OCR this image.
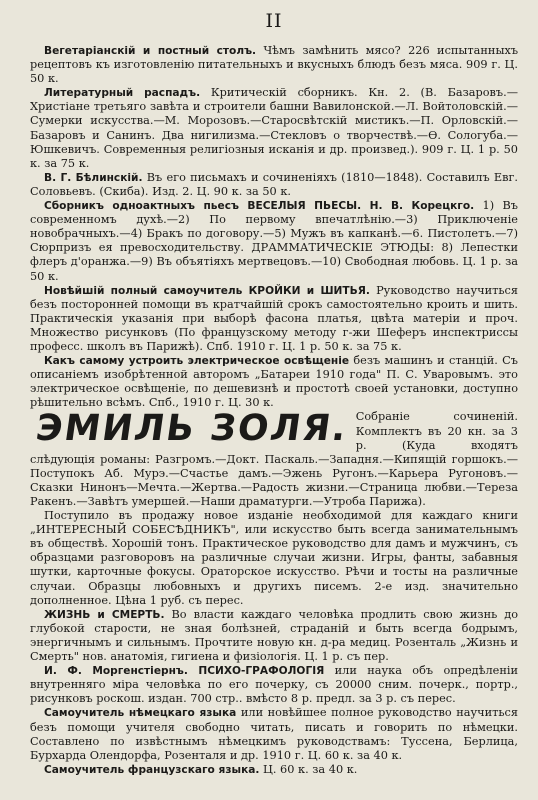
II

Вегетаріанскій и постный столъ. Чѣмъ замѣнить мясо? 226 испытанныхъ рецептовъ къ изготовленію питательныхъ и вкусныхъ блюдъ безъ мяса. 909 г. Ц. 50 к.

Литературный распадъ. Критическій сборникъ. Кн. 2. (В. Базаровъ.—Христіане третьяго завѣта и строители башни Вавилонской.—Л. Войтоловскій.—Сумерки искусства.—М. Морозовъ.—Старосвѣтскій мистикъ.—П. Орловскій.—Базаровъ и Санинъ. Два нигилизма.—Стекловъ о творчествѣ.—Ѳ. Сологуба.—Юшкевичъ. Современныя религіозныя исканія и др. произвед.). 909 г. Ц. 1 р. 50 к. за 75 к.

В. Г. Бѣлинскій. Въ его письмахъ и сочиненіяхъ (1810—1848). Составилъ Евг. Соловьевъ. (Скиба). Изд. 2. Ц. 90 к. за 50 к.

Сборникъ одноактныхъ пьесъ ВЕСЕЛЫЯ ПЬЕСЫ. Н. В. Корецкго. 1) Въ современномъ духѣ.—2) По первому впечатлѣнію.—3) Приключеніе новобрачныхъ.—4) Бракъ по договору.—5) Мужъ въ капканѣ.—6. Пистолетъ.—7) Сюрпризъ ея превосходительству. ДРАММАТИЧЕСКІЕ ЭТЮДЫ: 8) Лепестки флеръ д'оранжа.—9) Въ объятіяхъ мертвецовъ.—10) Свободная любовь. Ц. 1 р. за 50 к.

Новѣйшій полный самоучитель КРОЙКИ и ШИТЬЯ. Руководство научиться безъ посторонней помощи въ кратчайшій срокъ самостоятельно кроить и шить. Практическія указанія при выборѣ фасона платья, цвѣта матеріи и проч. Множество рисунковъ (По французскому методу г-жи Шеферъ инспектриссы професс. школъ въ Парижѣ). Спб. 1910 г. Ц. 1 р. 50 к. за 75 к.

Какъ самому устроить электрическое освѣщеніе безъ машинъ и станцій. Съ описаніемъ изобрѣтенной авторомъ „Батареи 1910 года" П. С. Уваровымъ. это электрическое освѣщеніе, по дешевизнѣ и простотѣ своей установки, доступно рѣшительно всѣмъ. Спб., 1910 г. Ц. 30 к.

ЭМИЛЬ ЗОЛЯ. Собраніе сочиненій. Комплектъ въ 20 кн. за 3 р. (Куда входятъ слѣдующія романы: Разгромъ.—Докт. Паскаль.—Западня.—Кипящій горшокъ.—Поступокъ Аб. Мурэ.—Счастье дамъ.—Эжень Ругонъ.—Карьера Ругоновъ.—Сказки Нинонъ—Мечта.—Жертва.—Радость жизни.—Страница любви.—Тереза Ракенъ.—Завѣтъ умершей.—Наши драматурги.—Утроба Парижа).

Поступило въ продажу новое изданіе необходимой для каждаго книги „ИНТЕРЕСНЫЙ СОБЕСѢДНИКЪ", или искусство быть всегда занимательнымъ въ обществѣ. Хорошій тонъ. Практическое руководство для дамъ и мужчинъ, съ образцами разговоровъ на различные случаи жизни. Игры, фанты, забавныя шутки, карточные фокусы. Ораторское искусство. Рѣчи и тосты на различные случаи. Образцы любовныхъ и другихъ писемъ. 2-е изд. значительно дополненное. Цѣна 1 руб. съ перес.

ЖИЗНЬ и СМЕРТЬ. Во власти каждаго человѣка продлить свою жизнь до глубокой старости, не зная болѣзней, страданій и быть всегда бодрымъ, энергичнымъ и сильнымъ. Прочтите новую кн. д-ра медиц. Розенталь „Жизнь и Смерть" нов. анатомія, гигиена и физіологія. Ц. 1 р. съ пер.

И. Ф. Моргенстіернъ. ПСИХО-ГРАФОЛОГІЯ или наука объ опредѣленіи внутренняго міра человѣка по его почерку, съ 20000 сним. почерк., портр., рисунковъ роскош. издан. 700 стр.. вмѣсто 8 р. предл. за 3 р. съ перес.

Самоучитель нѣмецкаго языка или новѣйшее полное руководство научиться безъ помощи учителя свободно читать, писать и говорить по нѣмецки. Составлено по извѣстнымъ нѣмецкимъ руководствамъ: Туссена, Берлица, Бурхарда Олендорфа, Розенталя и др. 1910 г. Ц. 60 к. за 40 к.

Самоучитель французскаго языка. Ц. 60 к. за 40 к.
